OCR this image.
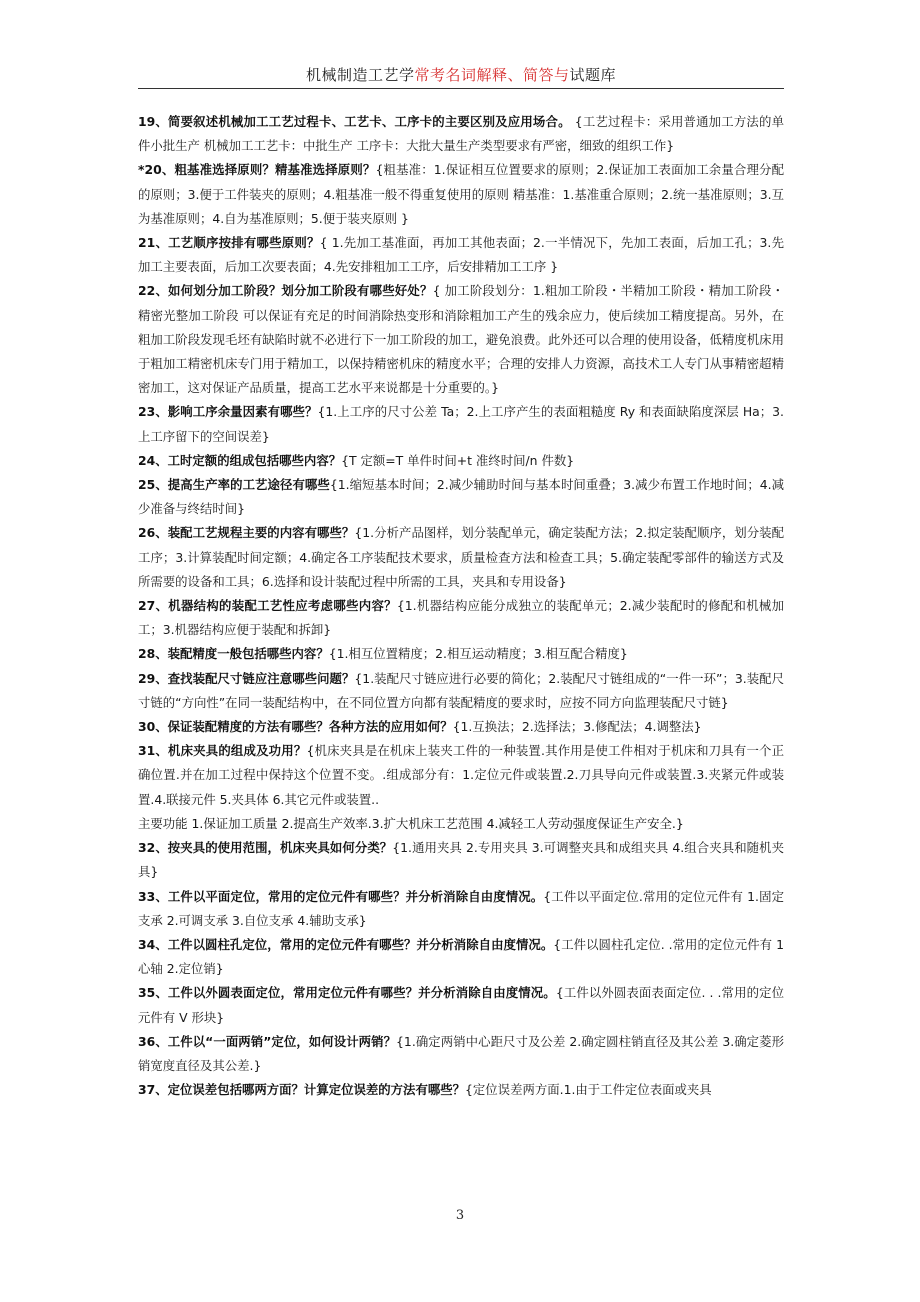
​
机械制造工艺学常考名词解释、简答与试题库

19、简要叙述机械加工工艺过程卡、工艺卡、工序卡的主要区别及应用场合。 {工艺过程卡：采用普通加工方法的单件小批生产 机械加工工艺卡：中批生产 工序卡：大批大量生产类型要求有严密，细致的组织工作}

*20、粗基准选择原则？精基准选择原则？{粗基准：1.保证相互位置要求的原则；2.保证加工表面加工余量合理分配的原则；3.便于工件装夹的原则；4.粗基准一般不得重复使用的原则 精基准：1.基准重合原则；2.统一基准原则；3.互为基准原则；4.自为基准原则；5.便于装夹原则 }

21、工艺顺序按排有哪些原则？{ 1.先加工基准面，再加工其他表面；2.一半情况下，先加工表面，后加工孔；3.先加工主要表面，后加工次要表面；4.先安排粗加工工序，后安排精加工工序 }

22、如何划分加工阶段？划分加工阶段有哪些好处？{ 加工阶段划分：1.粗加工阶段・半精加工阶段・精加工阶段・精密光整加工阶段 可以保证有充足的时间消除热变形和消除粗加工产生的残余应力，使后续加工精度提高。另外，在粗加工阶段发现毛坯有缺陷时就不必进行下一加工阶段的加工，避免浪费。此外还可以合理的使用设备，低精度机床用于粗加工精密机床专门用于精加工，以保持精密机床的精度水平；合理的安排人力资源，高技术工人专门从事精密超精密加工，这对保证产品质量，提高工艺水平来说都是十分重要的。}

23、影响工序余量因素有哪些？{1.上工序的尺寸公差 Ta；2.上工序产生的表面粗糙度 Ry 和表面缺陷度深层 Ha；3.上工序留下的空间误差}

24、工时定额的组成包括哪些内容？{T 定额=T 单件时间+t 准终时间/n 件数}

25、提高生产率的工艺途径有哪些{1.缩短基本时间；2.减少辅助时间与基本时间重叠；3.减少布置工作地时间；4.减少准备与终结时间}

26、装配工艺规程主要的内容有哪些？{1.分析产品图样，划分装配单元，确定装配方法；2.拟定装配顺序，划分装配工序；3.计算装配时间定额；4.确定各工序装配技术要求，质量检查方法和检查工具；5.确定装配零部件的输送方式及所需要的设备和工具；6.选择和设计装配过程中所需的工具，夹具和专用设备}

27、机器结构的装配工艺性应考虑哪些内容？{1.机器结构应能分成独立的装配单元；2.减少装配时的修配和机械加工；3.机器结构应便于装配和拆卸}

28、装配精度一般包括哪些内容？{1.相互位置精度；2.相互运动精度；3.相互配合精度}

29、查找装配尺寸链应注意哪些问题？{1.装配尺寸链应进行必要的简化；2.装配尺寸链组成的“一件一环”；3.装配尺寸链的“方向性”在同一装配结构中，在不同位置方向都有装配精度的要求时，应按不同方向监理装配尺寸链}

30、保证装配精度的方法有哪些？各种方法的应用如何？{1.互换法；2.选择法；3.修配法；4.调整法}

31、机床夹具的组成及功用？{机床夹具是在机床上装夹工件的一种装置.其作用是使工件相对于机床和刀具有一个正确位置.并在加工过程中保持这个位置不变。.组成部分有：1.定位元件或装置.2.刀具导向元件或装置.3.夹紧元件或装置.4.联接元件 5.夹具体 6.其它元件或装置..

主要功能 1.保证加工质量 2.提高生产效率.3.扩大机床工艺范围 4.减轻工人劳动强度保证生产安全.}

32、按夹具的使用范围，机床夹具如何分类？{1.通用夹具 2.专用夹具 3.可调整夹具和成组夹具 4.组合夹具和随机夹具}

33、工件以平面定位，常用的定位元件有哪些？并分析消除自由度情况。{工件以平面定位.常用的定位元件有 1.固定支承 2.可调支承 3.自位支承 4.辅助支承}

34、工件以圆柱孔定位，常用的定位元件有哪些？并分析消除自由度情况。{工件以圆柱孔定位. .常用的定位元件有 1 心轴 2.定位销}

35、工件以外圆表面定位，常用定位元件有哪些？并分析消除自由度情况。{工件以外圆表面表面定位. . .常用的定位元件有 V 形块}

36、工件以“一面两销”定位，如何设计两销？{1.确定两销中心距尺寸及公差 2.确定圆柱销直径及其公差 3.确定菱形销宽度直径及其公差.}

37、定位误差包括哪两方面？计算定位误差的方法有哪些？{定位误差两方面.1.由于工件定位表面或夹具

3
